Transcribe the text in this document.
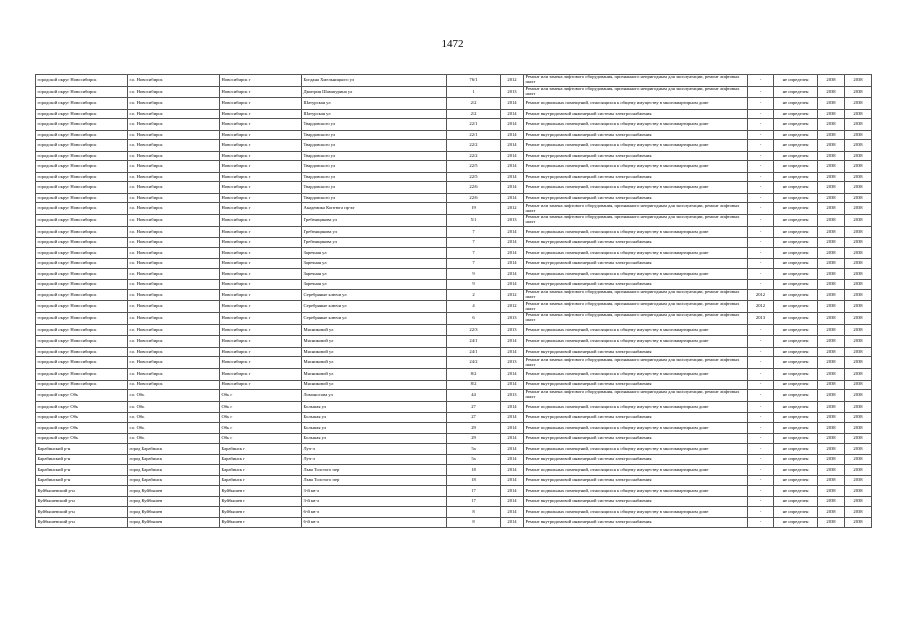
1472
городской округ Новосибирск	г.о. Новосибирск	Новосибирск г	Богдана Хмельницкого ул	76/1	2012	Ремонт или замена лифтового оборудования, признанного непригодным для эксплуатации, ремонт лифтовых шахт	-	не определен	2038	2038
городской округ Новосибирск	г.о. Новосибирск	Новосибирск г	Дмитрия Шамшурина ул	1	2013	Ремонт или замена лифтового оборудования, признанного непригодным для эксплуатации, ремонт лифтовых шахт	-	не определен	2038	2038
городской округ Новосибирск	г.о. Новосибирск	Новосибирск г	Шатурская ул	2/2	2014	Ремонт подвальных помещений, относящихся к общему имуществу в многоквартирном доме	-	не определен	2038	2038
городской округ Новосибирск	г.о. Новосибирск	Новосибирск г	Шатурская ул	2/2	2014	Ремонт внутридомовой инженерной системы электроснабжения	-	не определен	2038	2038
городской округ Новосибирск	г.о. Новосибирск	Новосибирск г	Твардовского ул	22/1	2014	Ремонт подвальных помещений, относящихся к общему имуществу в многоквартирном доме	-	не определен	2038	2038
городской округ Новосибирск	г.о. Новосибирск	Новосибирск г	Твардовского ул	22/1	2014	Ремонт внутридомовой инженерной системы электроснабжения	-	не определен	2038	2038
городской округ Новосибирск	г.о. Новосибирск	Новосибирск г	Твардовского ул	22/2	2014	Ремонт подвальных помещений, относящихся к общему имуществу в многоквартирном доме	-	не определен	2038	2038
городской округ Новосибирск	г.о. Новосибирск	Новосибирск г	Твардовского ул	22/2	2014	Ремонт внутридомовой инженерной системы электроснабжения	-	не определен	2038	2038
городской округ Новосибирск	г.о. Новосибирск	Новосибирск г	Твардовского ул	22/5	2014	Ремонт подвальных помещений, относящихся к общему имуществу в многоквартирном доме	-	не определен	2038	2038
городской округ Новосибирск	г.о. Новосибирск	Новосибирск г	Твардовского ул	22/5	2014	Ремонт внутридомовой инженерной системы электроснабжения	-	не определен	2038	2038
городской округ Новосибирск	г.о. Новосибирск	Новосибирск г	Твардовского ул	22/6	2014	Ремонт подвальных помещений, относящихся к общему имуществу в многоквартирном доме	-	не определен	2038	2038
городской округ Новосибирск	г.о. Новосибирск	Новосибирск г	Твардовского ул	22/6	2014	Ремонт внутридомовой инженерной системы электроснабжения	-	не определен	2038	2038
городской округ Новосибирск	г.о. Новосибирск	Новосибирск г	Академика Коптюга пр-кт	19	2012	Ремонт или замена лифтового оборудования, признанного непригодным для эксплуатации, ремонт лифтовых шахт	-	не определен	2038	2038
городской округ Новосибирск	г.о. Новосибирск	Новосибирск г	Гребенщикова ул	5/1	2013	Ремонт или замена лифтового оборудования, признанного непригодным для эксплуатации, ремонт лифтовых шахт	-	не определен	2038	2038
городской округ Новосибирск	г.о. Новосибирск	Новосибирск г	Гребенщикова ул	7	2014	Ремонт подвальных помещений, относящихся к общему имуществу в многоквартирном доме	-	не определен	2038	2038
городской округ Новосибирск	г.о. Новосибирск	Новосибирск г	Гребенщикова ул	7	2014	Ремонт внутридомовой инженерной системы электроснабжения	-	не определен	2038	2038
городской округ Новосибирск	г.о. Новосибирск	Новосибирск г	Заречная ул	7	2014	Ремонт подвальных помещений, относящихся к общему имуществу в многоквартирном доме	-	не определен	2038	2038
городской округ Новосибирск	г.о. Новосибирск	Новосибирск г	Заречная ул	7	2014	Ремонт внутридомовой инженерной системы электроснабжения	-	не определен	2038	2038
городской округ Новосибирск	г.о. Новосибирск	Новосибирск г	Заречная ул	9	2014	Ремонт подвальных помещений, относящихся к общему имуществу в многоквартирном доме	-	не определен	2038	2038
городской округ Новосибирск	г.о. Новосибирск	Новосибирск г	Заречная ул	9	2014	Ремонт внутридомовой инженерной системы электроснабжения	-	не определен	2038	2038
городской округ Новосибирск	г.о. Новосибирск	Новосибирск г	Серебряные ключи ул	2	2012	Ремонт или замена лифтового оборудования, признанного непригодным для эксплуатации, ремонт лифтовых шахт	2012	не определен	2038	2038
городской округ Новосибирск	г.о. Новосибирск	Новосибирск г	Серебряные ключи ул	4	2012	Ремонт или замена лифтового оборудования, признанного непригодным для эксплуатации, ремонт лифтовых шахт	2012	не определен	2038	2038
городской округ Новосибирск	г.о. Новосибирск	Новосибирск г	Серебряные ключи ул	6	2013	Ремонт или замена лифтового оборудования, признанного непригодным для эксплуатации, ремонт лифтовых шахт	2013	не определен	2038	2038
городской округ Новосибирск	г.о. Новосибирск	Новосибирск г	Мясниковой ул	22/3	2013	Ремонт подвальных помещений, относящихся к общему имуществу в многоквартирном доме	-	не определен	2038	2038
городской округ Новосибирск	г.о. Новосибирск	Новосибирск г	Мясниковой ул	24/1	2014	Ремонт подвальных помещений, относящихся к общему имуществу в многоквартирном доме	-	не определен	2038	2038
городской округ Новосибирск	г.о. Новосибирск	Новосибирск г	Мясниковой ул	24/1	2014	Ремонт внутридомовой инженерной системы электроснабжения	-	не определен	2038	2038
городской округ Новосибирск	г.о. Новосибирск	Новосибирск г	Мясниковой ул	24/2	2013	Ремонт или замена лифтового оборудования, признанного непригодным для эксплуатации, ремонт лифтовых шахт	-	не определен	2038	2038
городской округ Новосибирск	г.о. Новосибирск	Новосибирск г	Мясниковой ул	8/2	2014	Ремонт подвальных помещений, относящихся к общему имуществу в многоквартирном доме	-	не определен	2038	2038
городской округ Новосибирск	г.о. Новосибирск	Новосибирск г	Мясниковой ул	8/2	2014	Ремонт внутридомовой инженерной системы электроснабжения	-	не определен	2038	2038
городской округ Обь	г.о. Обь	Обь г	Ломоносова ул	44	2013	Ремонт или замена лифтового оборудования, признанного непригодным для эксплуатации, ремонт лифтовых шахт	-	не определен	2038	2038
городской округ Обь	г.о. Обь	Обь г	Большая ул	27	2014	Ремонт подвальных помещений, относящихся к общему имуществу в многоквартирном доме	-	не определен	2038	2038
городской округ Обь	г.о. Обь	Обь г	Большая ул	27	2014	Ремонт внутридомовой инженерной системы электроснабжения	-	не определен	2038	2038
городской округ Обь	г.о. Обь	Обь г	Большая ул	29	2014	Ремонт подвальных помещений, относящихся к общему имуществу в многоквартирном доме	-	не определен	2038	2038
городской округ Обь	г.о. Обь	Обь г	Большая ул	29	2014	Ремонт внутридомовой инженерной системы электроснабжения	-	не определен	2038	2038
Барабинский р-н	город Барабинск	Барабинск г	Луч-л	5а	2014	Ремонт подвальных помещений, относящихся к общему имуществу в многоквартирном доме	-	не определен	2038	2038
Барабинский р-н	город Барабинск	Барабинск г	Луч-л	5а	2014	Ремонт внутридомовой инженерной системы электроснабжения	-	не определен	2038	2038
Барабинский р-н	город Барабинск	Барабинск г	Льва Толстого пер	18	2014	Ремонт подвальных помещений, относящихся к общему имуществу в многоквартирном доме	-	не определен	2038	2038
Барабинский р-н	город Барабинск	Барабинск г	Льва Толстого пер	18	2014	Ремонт внутридомовой инженерной системы электроснабжения	-	не определен	2038	2038
Куйбышевский р-н	город Куйбышев	Куйбышев г	3-й кв-л	17	2014	Ремонт подвальных помещений, относящихся к общему имуществу в многоквартирном доме	-	не определен	2038	2038
Куйбышевский р-н	город Куйбышев	Куйбышев г	3-й кв-л	17	2014	Ремонт внутридомовой инженерной системы электроснабжения	-	не определен	2038	2038
Куйбышевский р-н	город Куйбышев	Куйбышев г	6-й кв-л	8	2014	Ремонт подвальных помещений, относящихся к общему имуществу в многоквартирном доме	-	не определен	2038	2038
Куйбышевский р-н	город Куйбышев	Куйбышев г	6-й кв-л	8	2014	Ремонт внутридомовой инженерной системы электроснабжения	-	не определен	2038	2038
